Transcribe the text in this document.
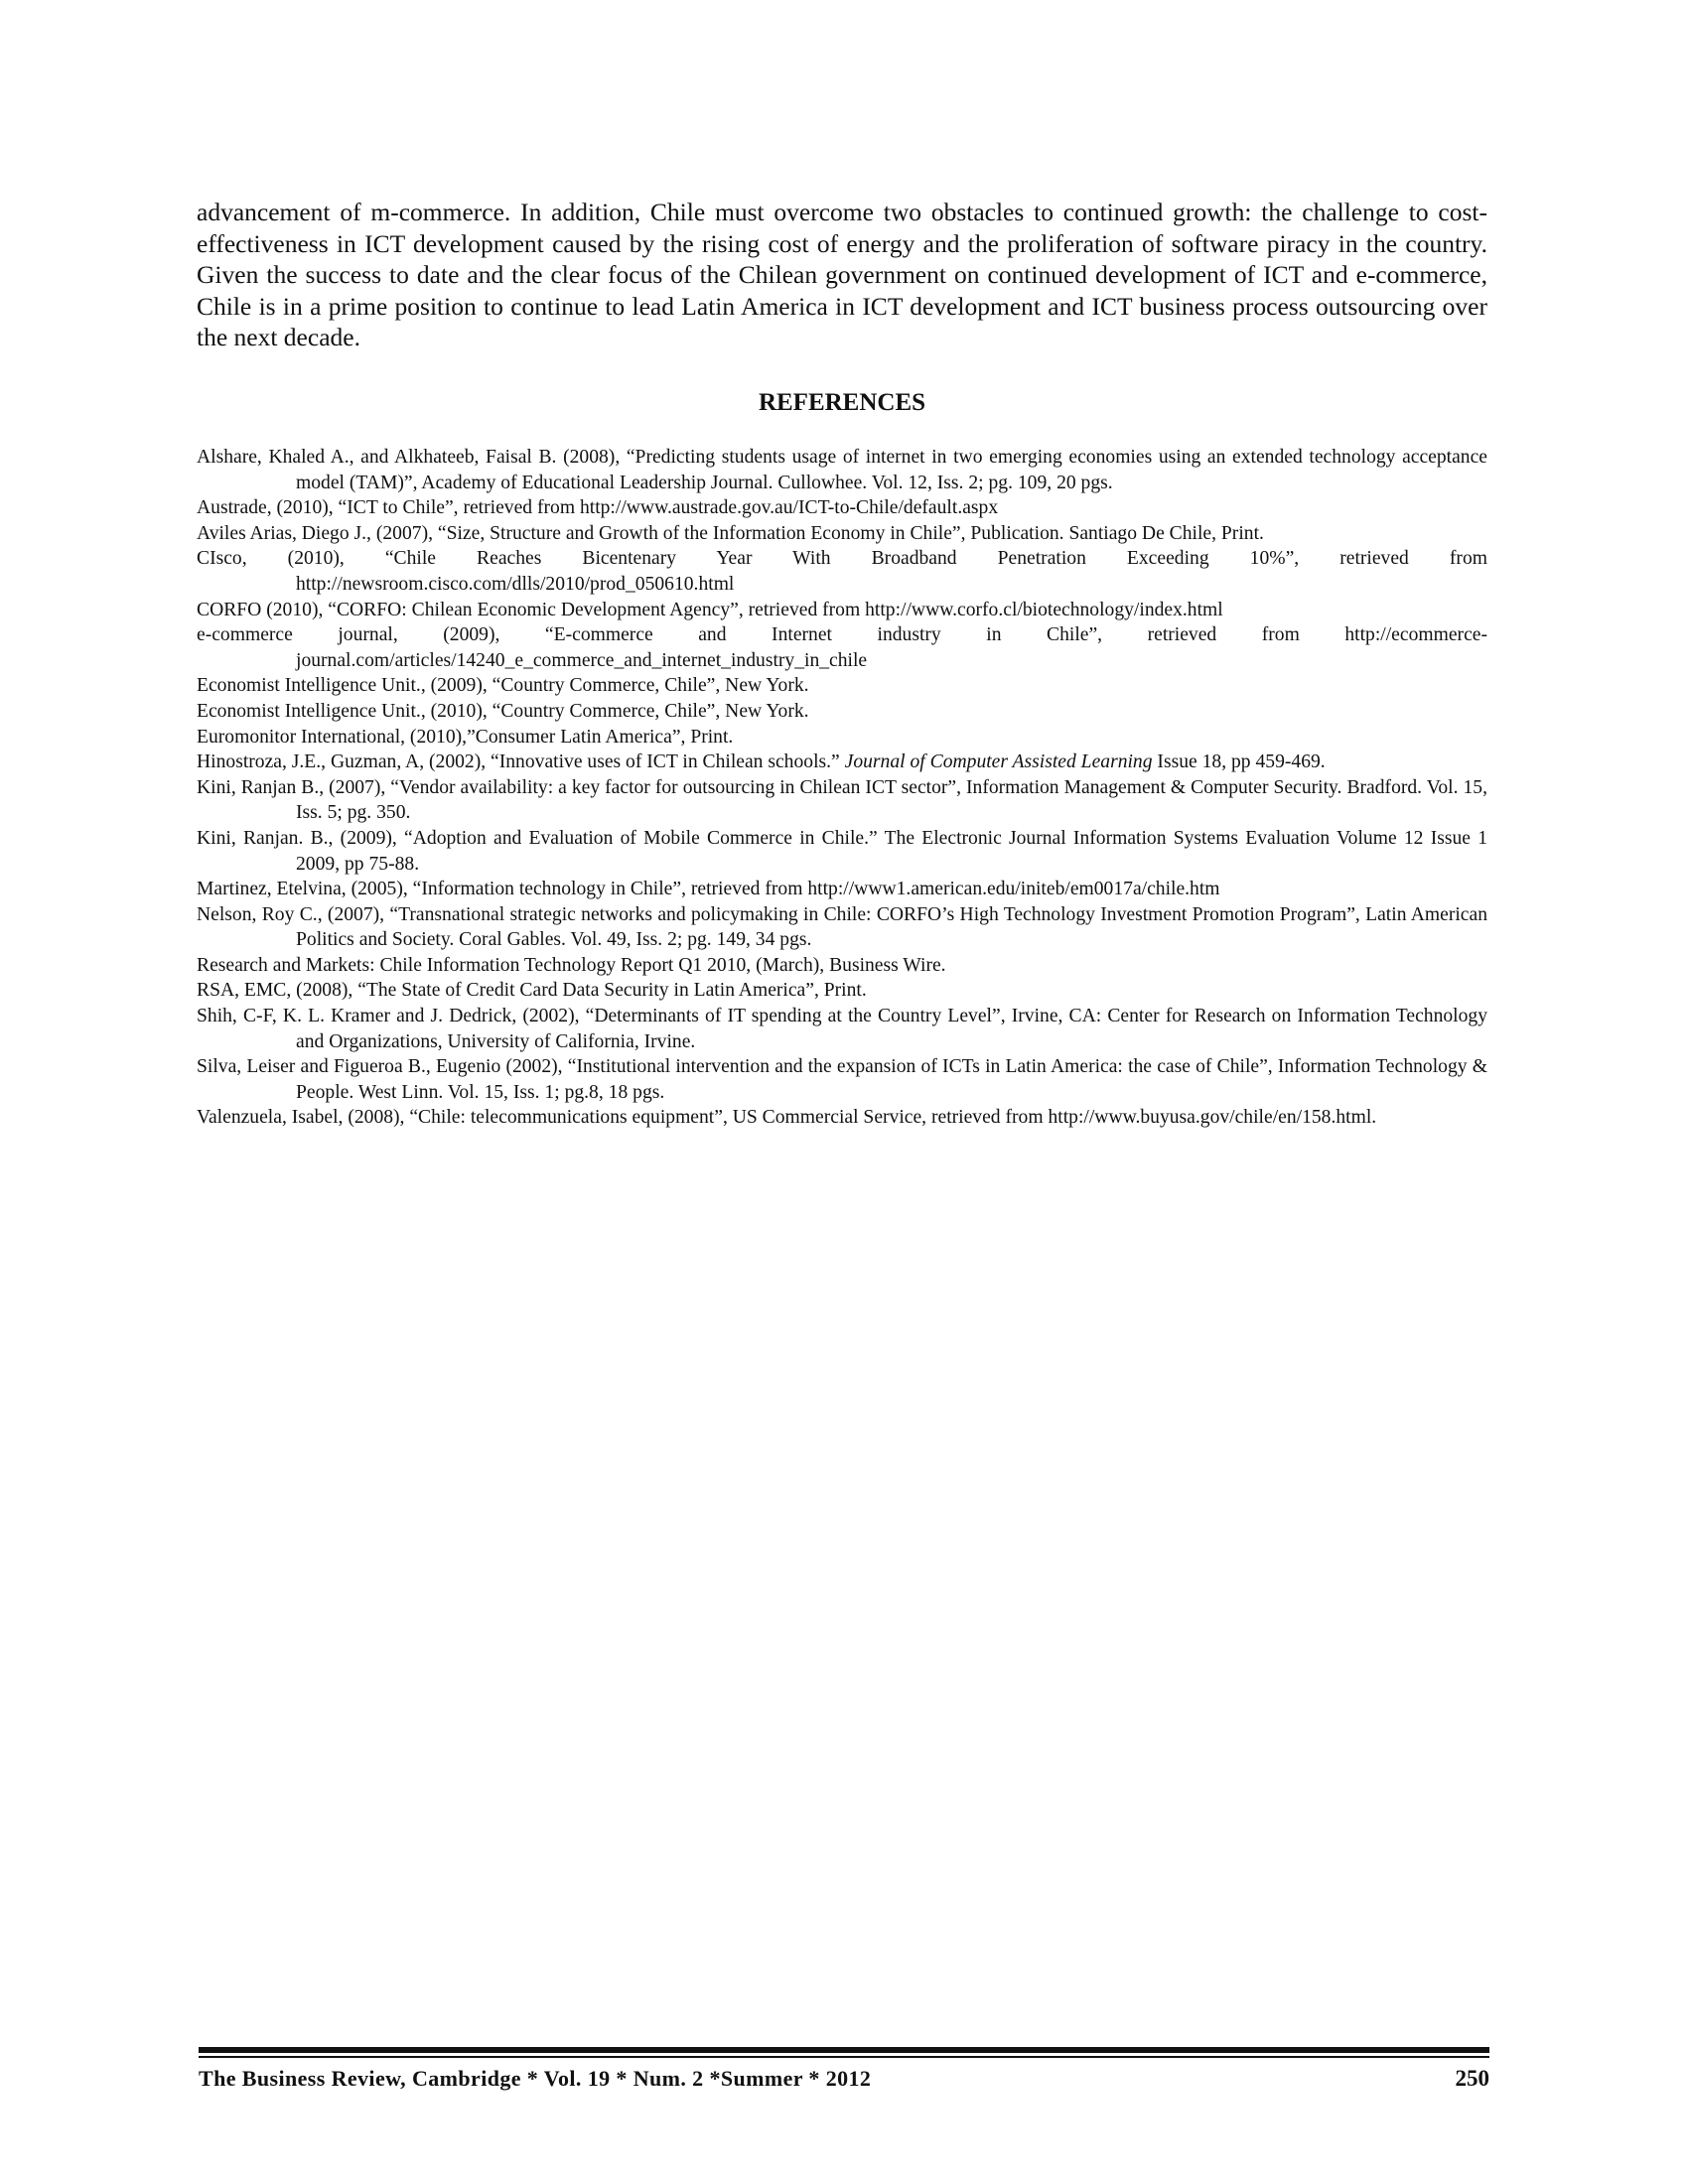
advancement of m-commerce. In addition, Chile must overcome two obstacles to continued growth: the challenge to cost-effectiveness in ICT development caused by the rising cost of energy and the proliferation of software piracy in the country. Given the success to date and the clear focus of the Chilean government on continued development of ICT and e-commerce, Chile is in a prime position to continue to lead Latin America in ICT development and ICT business process outsourcing over the next decade.

REFERENCES

Alshare, Khaled A., and Alkhateeb, Faisal B. (2008), “Predicting students usage of internet in two emerging economies using an extended technology acceptance model (TAM)”, Academy of Educational Leadership Journal. Cullowhee. Vol. 12, Iss. 2; pg. 109, 20 pgs.

Austrade, (2010), “ICT to Chile”, retrieved from http://www.austrade.gov.au/ICT-to-Chile/default.aspx

Aviles Arias, Diego J., (2007), “Size, Structure and Growth of the Information Economy in Chile”, Publication. Santiago De Chile, Print.

CIsco, (2010), “Chile Reaches Bicentenary Year With Broadband Penetration Exceeding 10%”, retrieved from http://newsroom.cisco.com/dlls/2010/prod_050610.html

CORFO (2010), “CORFO: Chilean Economic Development Agency”, retrieved from http://www.corfo.cl/biotechnology/index.html

e-commerce journal, (2009), “E-commerce and Internet industry in Chile”, retrieved from http://ecommerce-journal.com/articles/14240_e_commerce_and_internet_industry_in_chile

Economist Intelligence Unit., (2009), “Country Commerce, Chile”, New York.

Economist Intelligence Unit., (2010), “Country Commerce, Chile”, New York.

Euromonitor International, (2010),”Consumer Latin America”, Print.

Hinostroza, J.E., Guzman, A, (2002), “Innovative uses of ICT in Chilean schools.” Journal of Computer Assisted Learning Issue 18, pp 459-469.

Kini, Ranjan B., (2007), “Vendor availability: a key factor for outsourcing in Chilean ICT sector”, Information Management & Computer Security. Bradford. Vol. 15, Iss. 5; pg. 350.

Kini, Ranjan. B., (2009), “Adoption and Evaluation of Mobile Commerce in Chile.” The Electronic Journal Information Systems Evaluation Volume 12 Issue 1 2009, pp 75-88.

Martinez, Etelvina, (2005), “Information technology in Chile”, retrieved from http://www1.american.edu/initeb/em0017a/chile.htm

Nelson, Roy C., (2007), “Transnational strategic networks and policymaking in Chile: CORFO’s High Technology Investment Promotion Program”, Latin American Politics and Society. Coral Gables. Vol. 49, Iss. 2; pg. 149, 34 pgs.

Research and Markets: Chile Information Technology Report Q1 2010, (March), Business Wire.

RSA, EMC, (2008), “The State of Credit Card Data Security in Latin America”, Print.

Shih, C-F, K. L. Kramer and J. Dedrick, (2002), “Determinants of IT spending at the Country Level”, Irvine, CA: Center for Research on Information Technology and Organizations, University of California, Irvine.

Silva, Leiser and Figueroa B., Eugenio (2002), “Institutional intervention and the expansion of ICTs in Latin America: the case of Chile”, Information Technology & People. West Linn. Vol. 15, Iss. 1; pg.8, 18 pgs.

Valenzuela, Isabel, (2008), “Chile: telecommunications equipment”, US Commercial Service, retrieved from http://www.buyusa.gov/chile/en/158.html.

The Business Review, Cambridge * Vol. 19 * Num. 2 *Summer * 2012	250
